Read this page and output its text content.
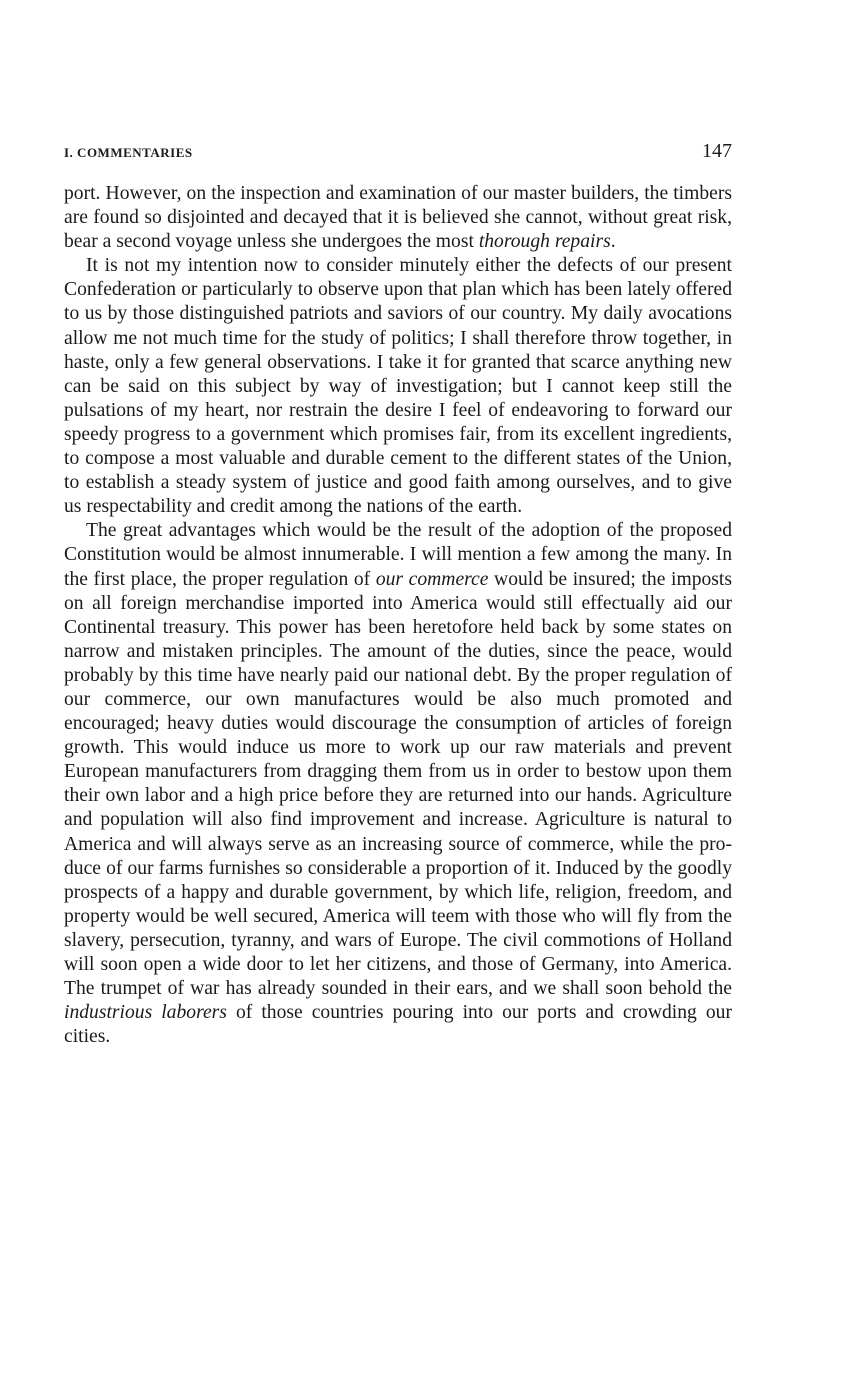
I. COMMENTARIES	147

port. However, on the inspection and examination of our master builders, the timbers are found so disjointed and decayed that it is believed she cannot, without great risk, bear a second voyage unless she undergoes the most thorough repairs.

It is not my intention now to consider minutely either the defects of our present Confederation or particularly to observe upon that plan which has been lately offered to us by those distinguished patriots and saviors of our country. My daily avocations allow me not much time for the study of politics; I shall therefore throw together, in haste, only a few general observations. I take it for granted that scarce anything new can be said on this subject by way of investigation; but I cannot keep still the pulsations of my heart, nor restrain the desire I feel of endeavoring to forward our speedy progress to a government which promises fair, from its excellent ingredients, to compose a most valuable and durable cement to the different states of the Union, to establish a steady system of justice and good faith among ourselves, and to give us respectability and credit among the nations of the earth.

The great advantages which would be the result of the adoption of the proposed Constitution would be almost innumerable. I will mention a few among the many. In the first place, the proper regulation of our commerce would be insured; the imposts on all foreign merchandise imported into America would still effectually aid our Continental treasury. This power has been heretofore held back by some states on narrow and mistaken principles. The amount of the duties, since the peace, would probably by this time have nearly paid our national debt. By the proper regulation of our commerce, our own manufactures would be also much promoted and encouraged; heavy duties would discourage the consumption of articles of foreign growth. This would induce us more to work up our raw materials and prevent European manufacturers from dragging them from us in order to bestow upon them their own labor and a high price before they are returned into our hands. Agriculture and population will also find improvement and increase. Agriculture is natural to America and will always serve as an increasing source of commerce, while the produce of our farms furnishes so considerable a proportion of it. Induced by the goodly prospects of a happy and durable government, by which life, religion, freedom, and property would be well secured, America will teem with those who will fly from the slavery, persecution, tyranny, and wars of Europe. The civil commotions of Holland will soon open a wide door to let her citizens, and those of Germany, into America. The trumpet of war has already sounded in their ears, and we shall soon behold the industrious laborers of those countries pouring into our ports and crowding our cities.
